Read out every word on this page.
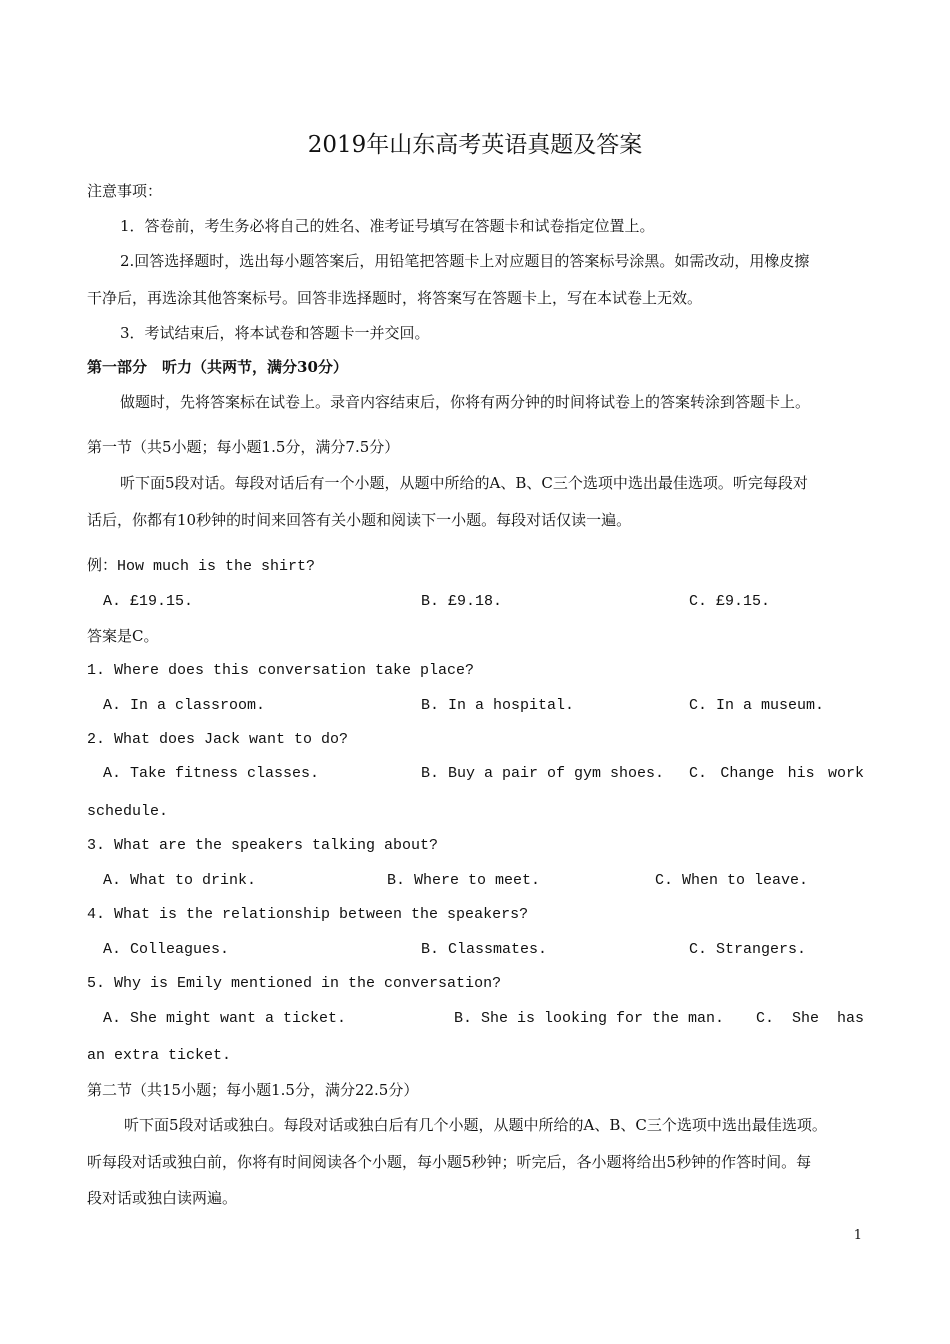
2019年山东高考英语真题及答案
注意事项：
1．答卷前，考生务必将自己的姓名、准考证号填写在答题卡和试卷指定位置上。
2.回答选择题时，选出每小题答案后，用铅笔把答题卡上对应题目的答案标号涂黑。如需改动，用橡皮擦
干净后，再选涂其他答案标号。回答非选择题时，将答案写在答题卡上，写在本试卷上无效。
3．考试结束后，将本试卷和答题卡一并交回。
第一部分　听力（共两节，满分30分）
做题时，先将答案标在试卷上。录音内容结束后，你将有两分钟的时间将试卷上的答案转涂到答题卡上。
第一节（共5小题；每小题1.5分，满分7.5分）
听下面5段对话。每段对话后有一个小题，从题中所给的A、B、C三个选项中选出最佳选项。听完每段对
话后，你都有10秒钟的时间来回答有关小题和阅读下一小题。每段对话仅读一遍。
例：How much is the shirt?
A. £19.15.	B. £9.18.	C. £9.15.
答案是C。
1. Where does this conversation take place?
A. In a classroom.	B. In a hospital.	C. In a museum.
2. What does Jack want to do?
A. Take fitness classes.	B. Buy a pair of gym shoes. C. Change his work
schedule.
3. What are the speakers talking about?
A. What to drink.	B. Where to meet.	C. When to leave.
4. What is the relationship between the speakers?
A. Colleagues.	B. Classmates.	C. Strangers.
5. Why is Emily mentioned in the conversation?
A. She might want a ticket.	B. She is looking for the man. C. She has
an extra ticket.
第二节（共15小题；每小题1.5分，满分22.5分）
听下面5段对话或独白。每段对话或独白后有几个小题，从题中所给的A、B、C三个选项中选出最佳选项。
听每段对话或独白前，你将有时间阅读各个小题，每小题5秒钟；听完后，各小题将给出5秒钟的作答时间。每
段对话或独白读两遍。
1
